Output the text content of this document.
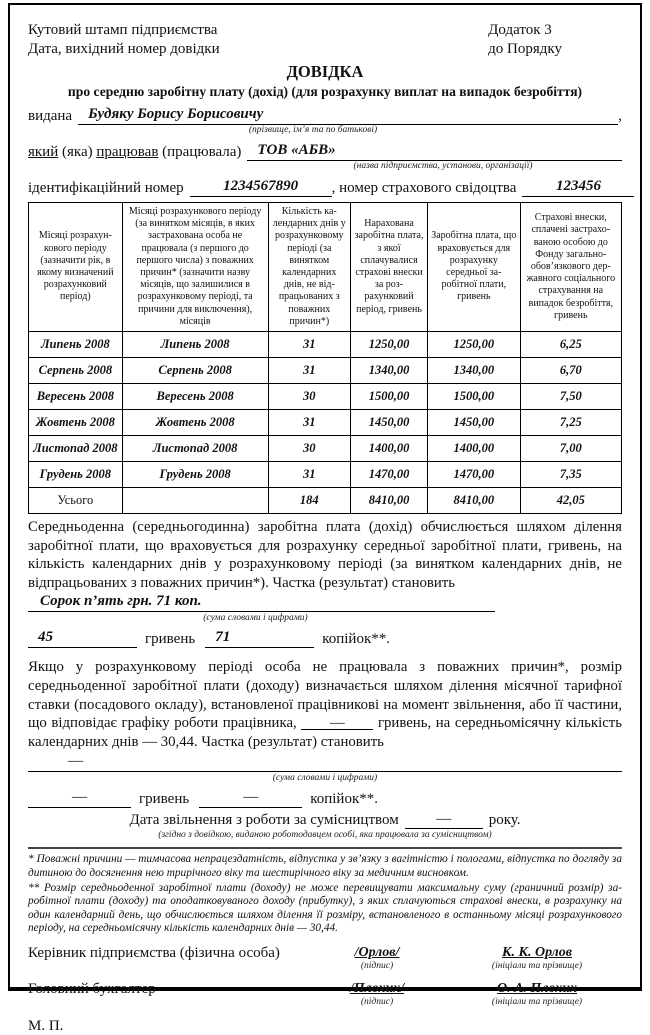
Кутовий штамп підприємства
Дата, вихідний номер довідки
Додаток 3
до Порядку
ДОВІДКА
про середню заробітну плату (дохід) (для розрахунку виплат на випадок безробіття)
видана	Будяку Борису Борисовичу	,
(прізвище, ім’я та по батькові)
який (яка) працював (працювала)	ТОВ «АБВ»
(назва підприємства, установи, організації)
ідентифікаційний номер	1234567890	, номер страхового свідоцтва	123456
Місяці розрахункового періоду (зазначити рік, в якому визначений розрахунковий період)	Місяці розрахункового періоду (за винятком місяців, в яких застрахована особа не працювала (з першого до першого числа) з поважних причин* (зазначити назву місяців, що залишилися в розрахунковому періоді, та причини для виключення), місяців	Кількість календарних днів у розрахунковому періоді (за винятком календарних днів, не відпрацьованих з поважних причин*)	Нарахована заробітна плата, з якої сплачувалися страхові внески за розрахунковий період, гривень	Заробітна плата, що враховується для розрахунку середньої заробітної плати, гривень	Страхові внески, сплачені застрахованою особою до Фонду загальнообов’язкового державного соціального страхування на випадок безробіття, гривень
Липень 2008	Липень 2008	31	1250,00	1250,00	6,25
Серпень 2008	Серпень 2008	31	1340,00	1340,00	6,70
Вересень 2008	Вересень 2008	30	1500,00	1500,00	7,50
Жовтень 2008	Жовтень 2008	31	1450,00	1450,00	7,25
Листопад 2008	Листопад 2008	30	1400,00	1400,00	7,00
Грудень 2008	Грудень 2008	31	1470,00	1470,00	7,35
Усього		184	8410,00	8410,00	42,05
Середньоденна (середньогодинна) заробітна плата (дохід) обчислюється шляхом ділення заробітної плати, що враховується для розрахунку середньої заробітної плати, гривень, на кількість календарних днів у розрахунковому періоді (за винятком календарних днів, не відпрацьованих з поважних причин*). Частка (результат) становить
Сорок п’ять грн. 71 коп.
(сума словами і цифрами)
45	гривень	71	копійок**.
Якщо у розрахунковому періоді особа не працювала з поважних причин*, розмір середньоденної заробітної плати (доходу) визначається шляхом ділення місячної тарифної ставки (посадового окладу), встановленої працівникові на момент звільнення, або її частини, що відповідає графіку роботи працівника, — гривень, на середньомісячну кількість календарних днів — 30,44. Частка (результат) становить
—
(сума словами і цифрами)
—	гривень	—	копійок**.
Дата звільнення з роботи за сумісництвом	—	року.
(згідно з довідкою, виданою роботодавцем особі, яка працювала за сумісництвом)

* Поважні причини — тимчасова непрацездатність, відпустка у зв’язку з вагітністю і пологами, відпустка по догляду за дитиною до досягнення нею трирічного віку та шестирічного віку за медичним висновком.

** Розмір середньоденної заробітної плати (доходу) не може перевищувати максимальну суму (граничний розмір) заробітної плати (доходу) та оподатковуваного доходу (прибутку), з яких сплачуються страхові внески, в розрахунку на один календарний день, що обчислюється шляхом ділення її розміру, встановленого в останньому місяці розрахункового періоду, на середньомісячну кількість календарних днів — 30,44.

Керівник підприємства (фізична особа)	/Орлов/
(підпис)
К. К. Орлов
(ініціали та прізвище)
Головний бухгалтер	/Плохих/
(підпис)
О. А. Плохих
(ініціали та прізвище)
М. П.
